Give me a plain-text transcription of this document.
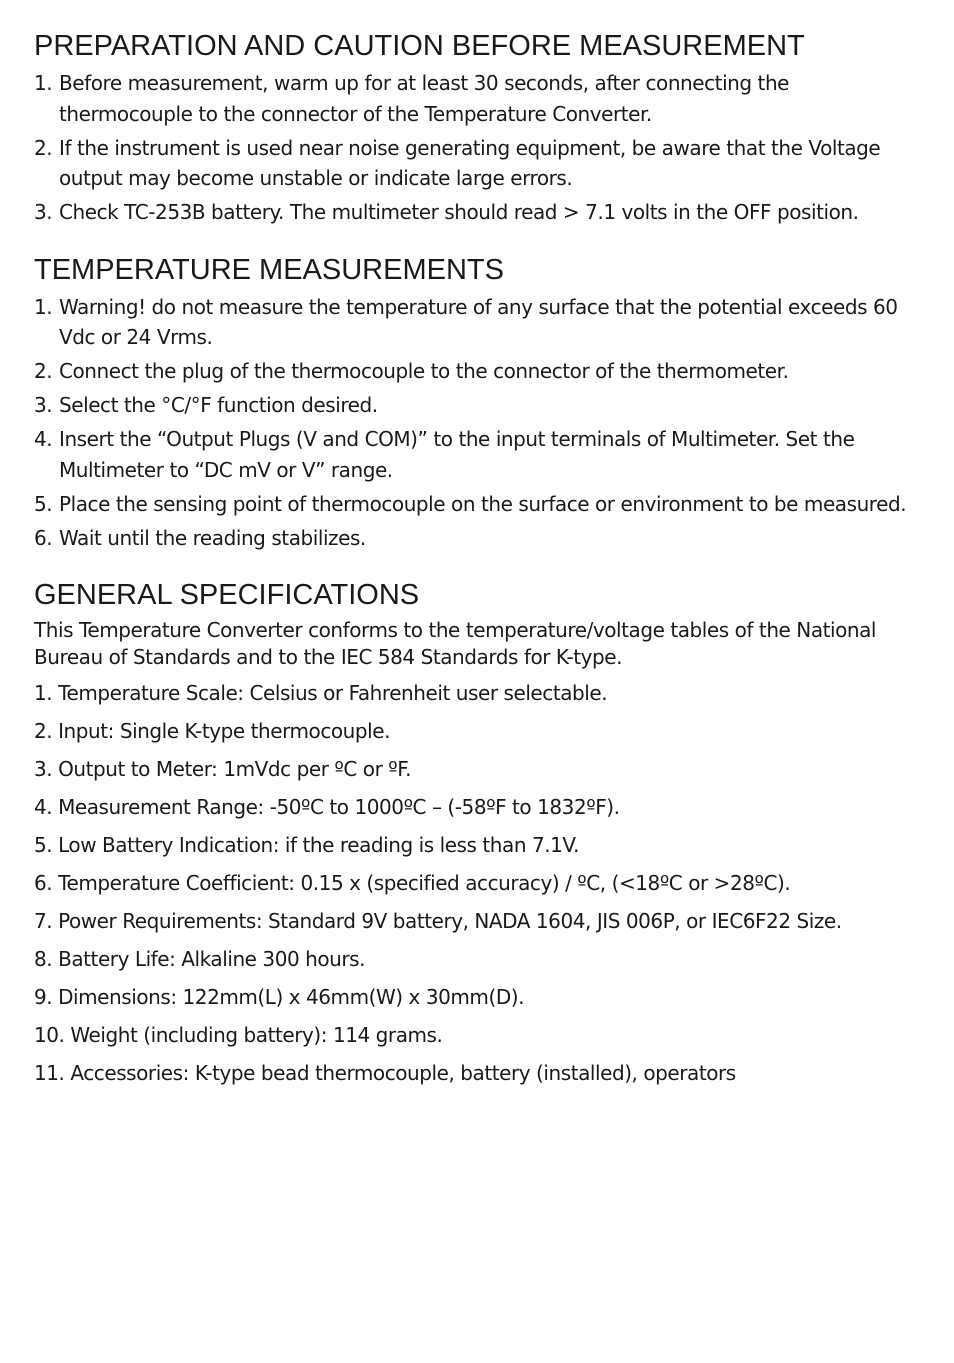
PREPARATION AND CAUTION BEFORE MEASUREMENT
1. Before measurement, warm up for at least 30 seconds, after connecting the thermocouple to the connector of the Temperature Converter.
2. If the instrument is used near noise generating equipment, be aware that the Voltage output may become unstable or indicate large errors.
3. Check TC-253B battery. The multimeter should read > 7.1 volts in the OFF position.
TEMPERATURE MEASUREMENTS
1. Warning! do not measure the temperature of any surface that the potential exceeds 60 Vdc or 24 Vrms.
2. Connect the plug of the thermocouple to the connector of the thermometer.
3. Select the °C/°F function desired.
4. Insert the “Output Plugs (V and COM)” to the input terminals of Multimeter. Set the Multimeter to “DC mV or V” range.
5. Place the sensing point of thermocouple on the surface or environment to be measured.
6. Wait until the reading stabilizes.
GENERAL SPECIFICATIONS

This Temperature Converter conforms to the temperature/voltage tables of the National Bureau of Standards and to the IEC 584 Standards for K-type.

1. Temperature Scale: Celsius or Fahrenheit user selectable.
2. Input: Single K-type thermocouple.
3. Output to Meter: 1mVdc per ºC or ºF.
4. Measurement Range: -50ºC to 1000ºC – (-58ºF to 1832ºF).
5. Low Battery Indication: if the reading is less than 7.1V.
6. Temperature Coefficient: 0.15 x (specified accuracy) / ºC, (<18ºC or >28ºC).
7. Power Requirements: Standard 9V battery, NADA 1604, JIS 006P, or IEC6F22 Size.
8. Battery Life: Alkaline 300 hours.
9. Dimensions: 122mm(L) x 46mm(W) x 30mm(D).
10. Weight (including battery): 114 grams.
11. Accessories: K-type bead thermocouple, battery (installed), operators
